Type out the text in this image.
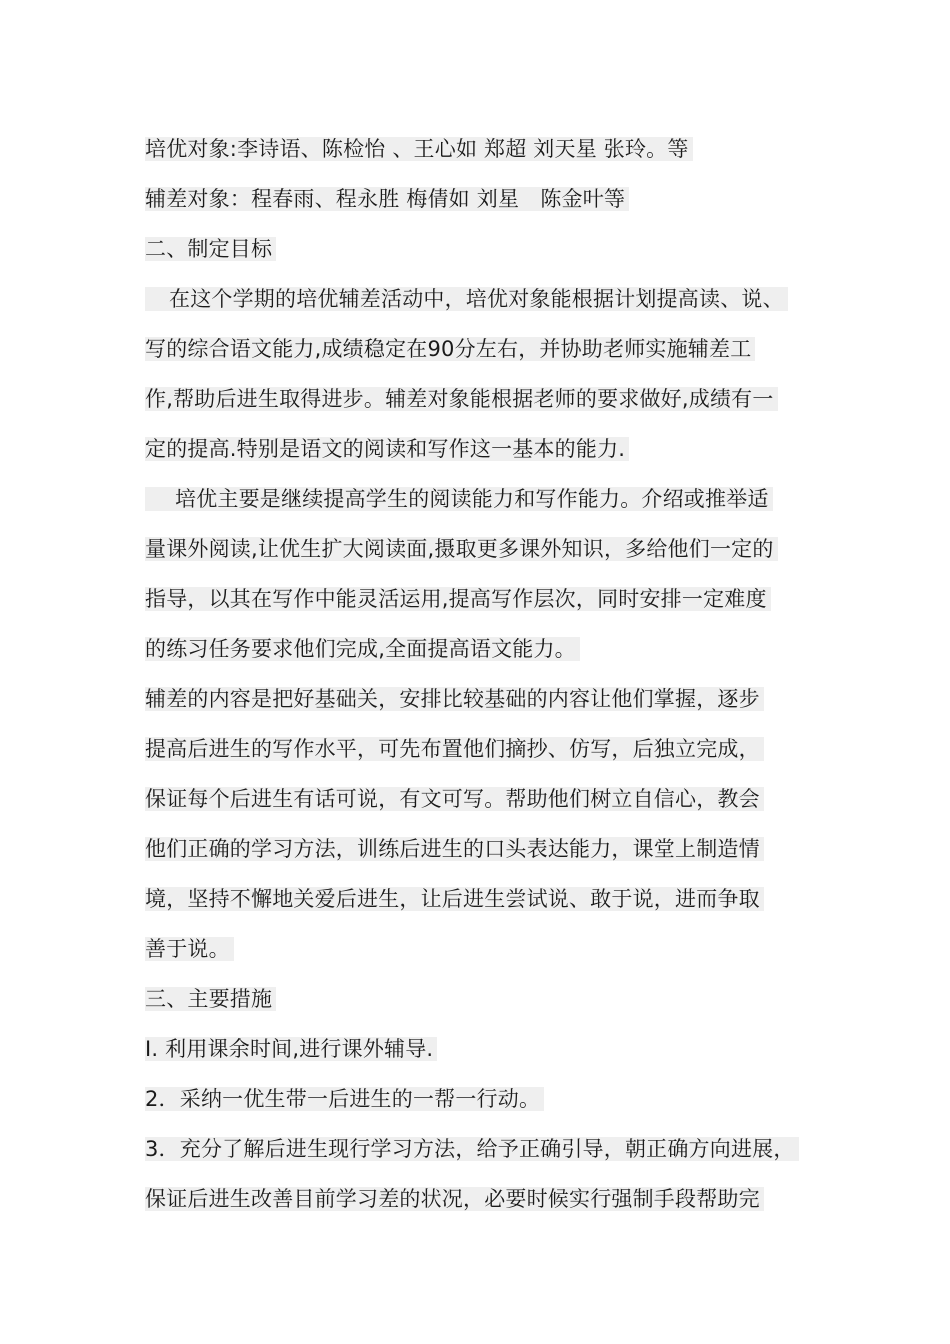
培优对象:李诗语、陈检怡 、王心如 郑超 刘天星 张玲。等
辅差对象：程春雨、程永胜 梅倩如 刘星　陈金叶等
二、制定目标
在这个学期的培优辅差活动中，培优对象能根据计划提高读、说、
写的综合语文能力,成绩稳定在90分左右，并协助老师实施辅差工
作,帮助后进生取得进步。辅差对象能根据老师的要求做好,成绩有一
定的提高.特别是语文的阅读和写作这一基本的能力.
培优主要是继续提高学生的阅读能力和写作能力。介绍或推举适
量课外阅读,让优生扩大阅读面,摄取更多课外知识，多给他们一定的
指导，以其在写作中能灵活运用,提高写作层次，同时安排一定难度
的练习任务要求他们完成,全面提高语文能力。
辅差的内容是把好基础关，安排比较基础的内容让他们掌握，逐步
提高后进生的写作水平，可先布置他们摘抄、仿写，后独立完成，
保证每个后进生有话可说，有文可写。帮助他们树立自信心，教会
他们正确的学习方法，训练后进生的口头表达能力，课堂上制造情
境，坚持不懈地关爱后进生，让后进生尝试说、敢于说，进而争取
善于说。
三、主要措施
I. 利用课余时间,进行课外辅导.
2．采纳一优生带一后进生的一帮一行动。
3．充分了解后进生现行学习方法，给予正确引导，朝正确方向进展，
保证后进生改善目前学习差的状况，必要时候实行强制手段帮助完
